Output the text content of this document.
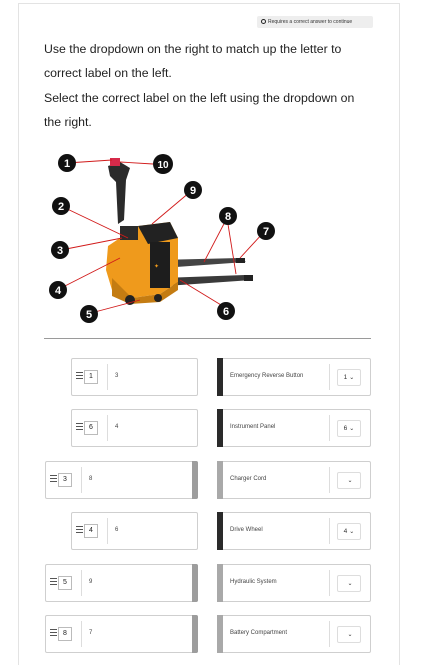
Requires a correct answer to continue
Use the dropdown on the right to match up the letter to
correct label on the left.
Select the correct label on the left using the dropdown on
the right.
✦
1	10
9
2
8
7
3
4
5	6
1	3	Emergency Reverse Button	1 ⌄
6	4	Instrument Panel	6 ⌄
3	8	Charger Cord	⌄
4	6	Drive Wheel	4 ⌄
5	9	Hydraulic System	⌄
8	7	Battery Compartment	⌄
